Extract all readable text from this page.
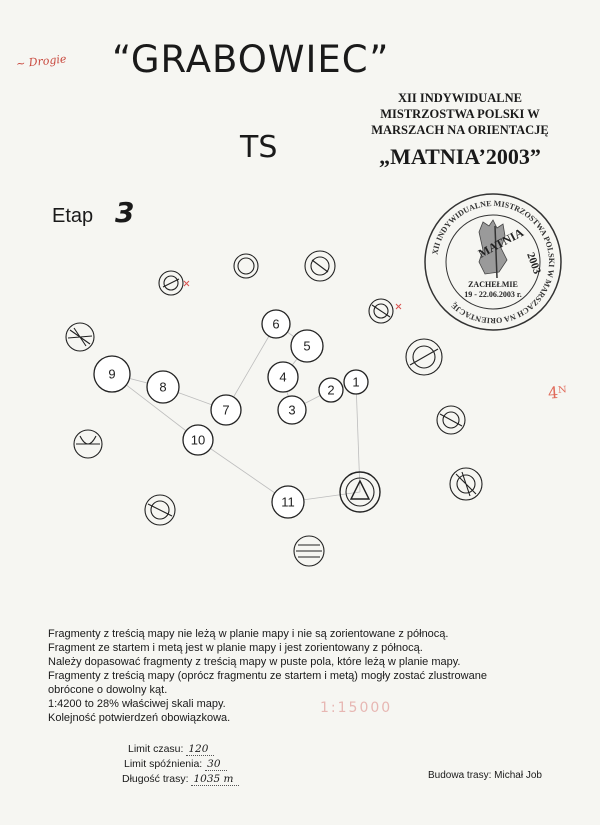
~ Drogie “GRABOWIEC”
TS
XII INDYWIDUALNE
MISTRZOSTWA POLSKI W
MARSZACH NA ORIENTACJĘ
„MATNIA’2003”
Etap 3
XII INDYWIDUALNE MISTRZOSTWA POLSKI W MARSZACH NA ORIENTACJĘ
MATNIA
2003
ZACHEŁMIE
19 - 22.06.2003 r.
1
2
3
4
5
6
7
8
9
10
11
4ᴺ
Fragmenty z treścią mapy nie leżą w planie mapy i nie są zorientowane z północą.
Fragment ze startem i metą jest w planie mapy i jest zorientowany z północą.
Należy dopasować fragmenty z treścią mapy w puste pola, które leżą w planie mapy.
Fragmenty z treścią mapy (oprócz fragmentu ze startem i metą) mogły zostać zlustrowane
obrócone o dowolny kąt.
1:4200 to 28% właściwej skali mapy.
Kolejność potwierdzeń obowiązkowa.
1:15000
Limit czasu: 120
Limit spóźnienia: 30
Długość trasy: 1035 m	Budowa trasy: Michał Job
